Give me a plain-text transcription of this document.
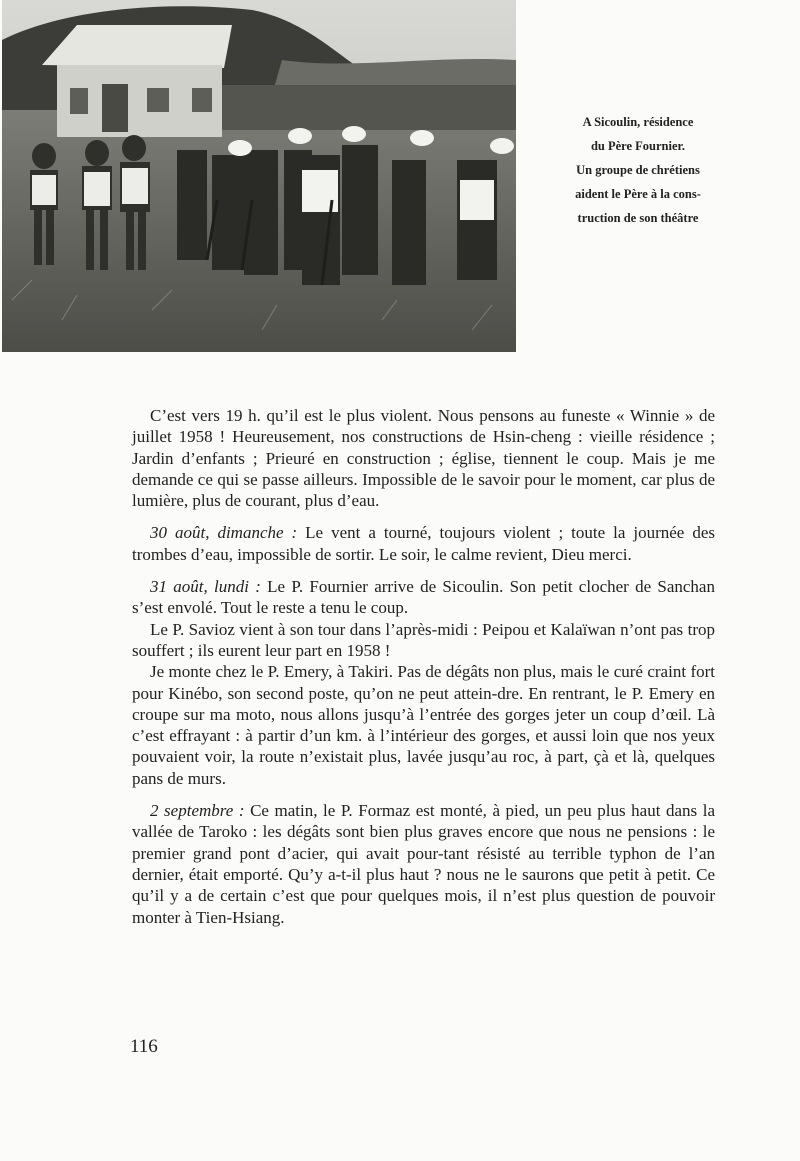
A Sicoulin, résidence
du Père Fournier.
Un groupe de chrétiens
aident le Père à la cons-
truction de son théâtre

C’est vers 19 h. qu’il est le plus violent. Nous pensons au funeste « Winnie » de juillet 1958 ! Heureusement, nos constructions de Hsin-cheng : vieille résidence ; Jardin d’enfants ; Prieuré en construction ; église, tiennent le coup. Mais je me demande ce qui se passe ailleurs. Impossible de le savoir pour le moment, car plus de lumière, plus de courant, plus d’eau.

30 août, dimanche : Le vent a tourné, toujours violent ; toute la journée des trombes d’eau, impossible de sortir. Le soir, le calme revient, Dieu merci.

31 août, lundi : Le P. Fournier arrive de Sicoulin. Son petit clocher de Sanchan s’est envolé. Tout le reste a tenu le coup.

Le P. Savioz vient à son tour dans l’après-midi : Peipou et Kalaïwan n’ont pas trop souffert ; ils eurent leur part en 1958 !

Je monte chez le P. Emery, à Takiri. Pas de dégâts non plus, mais le curé craint fort pour Kinébo, son second poste, qu’on ne peut attein-dre. En rentrant, le P. Emery en croupe sur ma moto, nous allons jusqu’à l’entrée des gorges jeter un coup d’œil. Là c’est effrayant : à partir d’un km. à l’intérieur des gorges, et aussi loin que nos yeux pouvaient voir, la route n’existait plus, lavée jusqu’au roc, à part, çà et là, quelques pans de murs.

2 septembre : Ce matin, le P. Formaz est monté, à pied, un peu plus haut dans la vallée de Taroko : les dégâts sont bien plus graves encore que nous ne pensions : le premier grand pont d’acier, qui avait pour-tant résisté au terrible typhon de l’an dernier, était emporté. Qu’y a-t-il plus haut ? nous ne le saurons que petit à petit. Ce qu’il y a de certain c’est que pour quelques mois, il n’est plus question de pouvoir monter à Tien-Hsiang.

116
